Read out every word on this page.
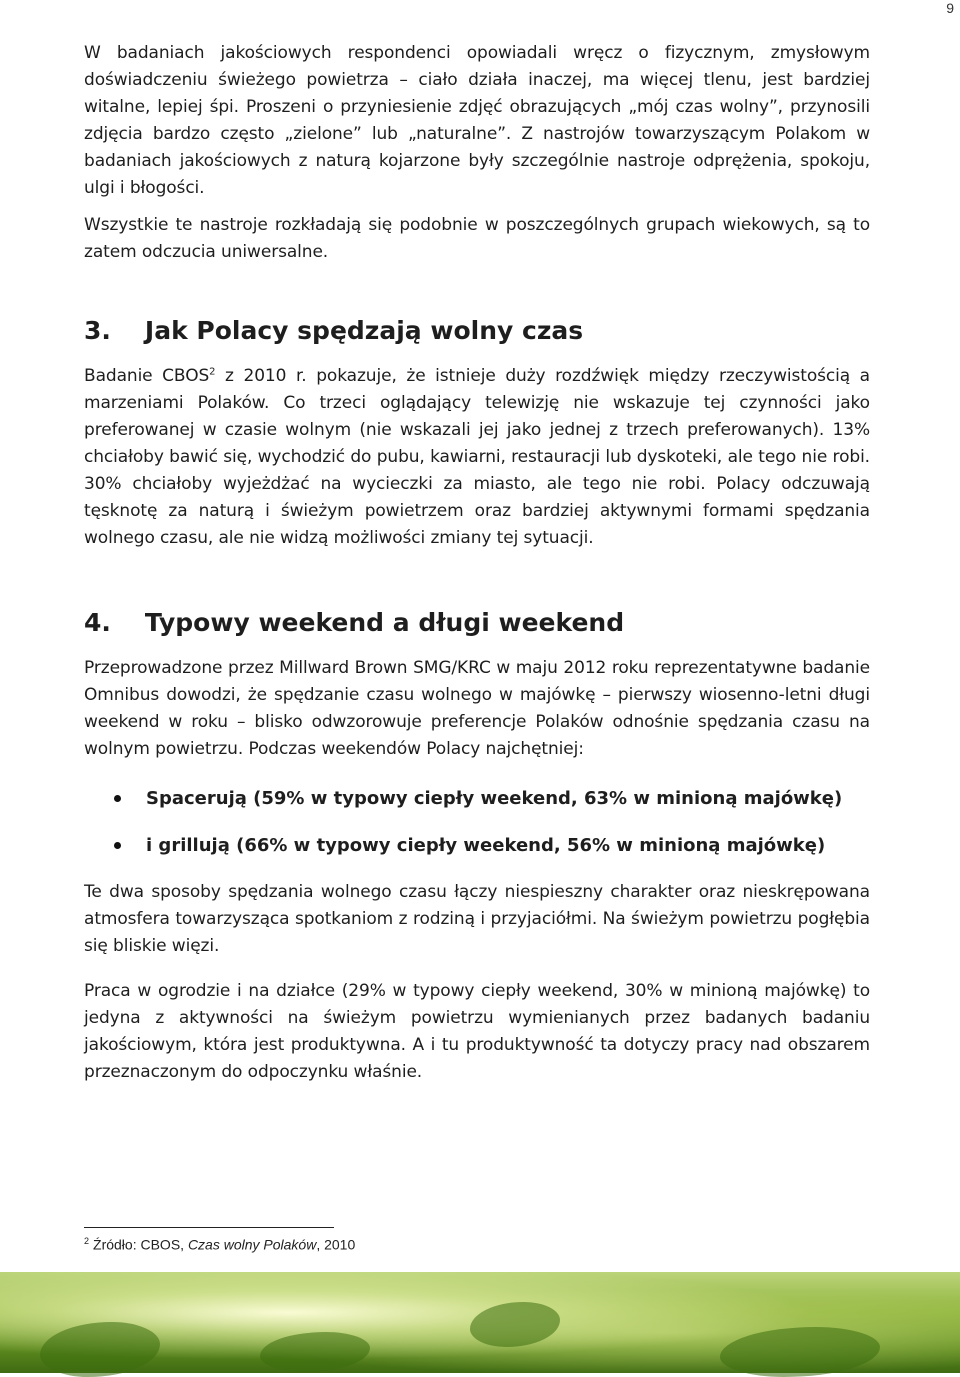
9

W badaniach jakościowych respondenci opowiadali wręcz o fizycznym, zmysłowym doświadczeniu świeżego powietrza – ciało działa inaczej, ma więcej tlenu, jest bardziej witalne, lepiej śpi. Proszeni o przyniesienie zdjęć obrazujących „mój czas wolny”, przynosili zdjęcia bardzo często „zielone” lub „naturalne”. Z nastrojów towarzyszącym Polakom w badaniach jakościowych z naturą kojarzone były szczególnie nastroje odprężenia, spokoju, ulgi i błogości.

Wszystkie te nastroje rozkładają się podobnie w poszczególnych grupach wiekowych, są to zatem odczucia uniwersalne.

3. Jak Polacy spędzają wolny czas

Badanie CBOS$^2$ z 2010 r. pokazuje, że istnieje duży rozdźwięk między rzeczywistością a marzeniami Polaków. Co trzeci oglądający telewizję nie wskazuje tej czynności jako preferowanej w czasie wolnym (nie wskazali jej jako jednej z trzech preferowanych). 13% chciałoby bawić się, wychodzić do pubu, kawiarni, restauracji lub dyskoteki, ale tego nie robi. 30% chciałoby wyjeżdżać na wycieczki za miasto, ale tego nie robi. Polacy odczuwają tęsknotę za naturą i świeżym powietrzem oraz bardziej aktywnymi formami spędzania wolnego czasu, ale nie widzą możliwości zmiany tej sytuacji.

4. Typowy weekend a długi weekend

Przeprowadzone przez Millward Brown SMG/KRC w maju 2012 roku reprezentatywne badanie Omnibus dowodzi, że spędzanie czasu wolnego w majówkę – pierwszy wiosenno-letni długi weekend w roku – blisko odwzorowuje preferencje Polaków odnośnie spędzania czasu na wolnym powietrzu. Podczas weekendów Polacy najchętniej:

Spacerują (59% w typowy ciepły weekend, 63% w minioną majówkę)
i grillują (66% w typowy ciepły weekend, 56% w minioną majówkę)

Te dwa sposoby spędzania wolnego czasu łączy niespieszny charakter oraz nieskrępowana atmosfera towarzysząca spotkaniom z rodziną i przyjaciółmi. Na świeżym powietrzu pogłębia się bliskie więzi.

Praca w ogrodzie i na działce (29% w typowy ciepły weekend, 30% w minioną majówkę) to jedyna z aktywności na świeżym powietrzu wymienianych przez badanych badaniu jakościowym, która jest produktywna. A i tu produktywność ta dotyczy pracy nad obszarem przeznaczonym do odpoczynku właśnie.

$^2$ Źródło: CBOS, Czas wolny Polaków, 2010
